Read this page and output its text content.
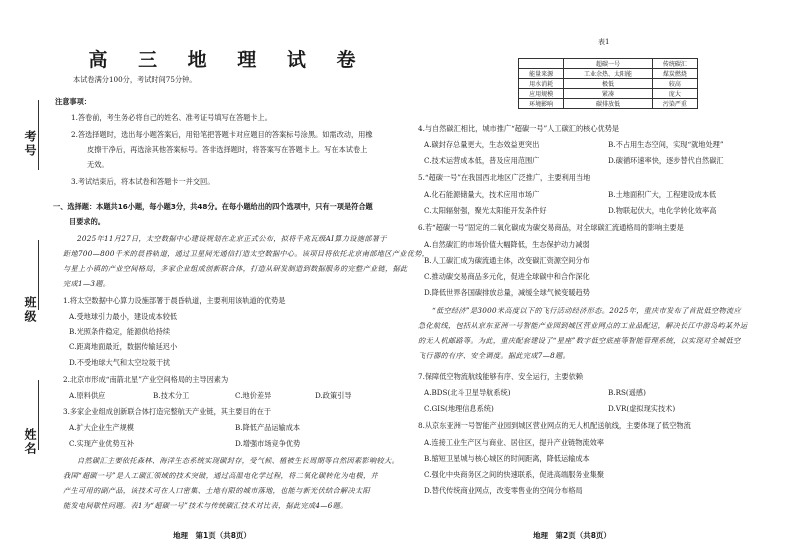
考号
班级
姓名
高 三 地 理 试 卷
本试卷满分100分，考试时间75分钟。
注意事项：
1.答卷前，考生务必将自己的姓名、准考证号填写在答题卡上。
2.答选择题时，选出每小题答案后，用铅笔把答题卡对应题目的答案标号涂黑。如需改动，用橡
皮擦干净后，再选涂其他答案标号。答非选择题时，将答案写在答题卡上。写在本试卷上
无效。
3.考试结束后，将本试卷和答题卡一并交回。
一、选择题：本题共16小题，每小题3分，共48分。在每小题给出的四个选项中，只有一项是符合题
目要求的。
2025年11月27日，太空数据中心建设规划在北京正式公布，拟将千兆瓦级AI算力设施部署于
距地700—800千米的晨昏轨道，通过卫星间光通信打造太空数据中心。该项目将依托北京南部地区产业优势，
与星上小镇的产业空间格局，多家企业组成创新联合体，打造从研发制造到数据服务的完整产业链，据此
完成1—3题。
1.将太空数据中心算力设施部署于晨昏轨道，主要利用该轨道的优势是
A.受地球引力最小，建设成本较低
B.光照条件稳定，能源供给持续
C.距离地面最近，数据传输延迟小
D.不受地球大气和太空垃圾干扰
2.北京市形成“南箭北星”产业空间格局的主导因素为
A.原料供应	B.技术分工	C.地价差异	D.政策引导
3.多家企业组成创新联合体打造完整航天产业链，其主要目的在于
A.扩大企业生产规模	B.降低产品运输成本
C.实现产业优势互补	D.增强市场竞争优势
自然碳汇主要依托森林、海洋生态系统实现碳封存，受气候、植被生长周期等自然因素影响较大。
我国“超碳一号”是人工碳汇领域的技术突破，通过高温电化学过程，将二氧化碳转化为电极，并
产生可用的副产品，该技术可在人口密集、土地有限的城市落地，也能与新光伏结合解决太阳
能发电间歇性问题。表1为“超碳一号”技术与传统碳汇技术对比表，据此完成4—6题。
地理　第1页（共8页）
表1
	超碳一号	传统碳汇
能量来源	工业余热、太阳能	煤炭燃烧
用水消耗	极低	较高
应用规模	紧凑	庞大
环境影响	碳排放低	污染严重
4.与自然碳汇相比，城市推广“超碳一号”人工碳汇的核心优势是
A.碳封存总量更大，生态效益更突出	B.不占用生态空间，实现“就地处理”
C.技术运营成本低，普及应用范围广	D.碳循环速率快，逐步替代自然碳汇
5.“超碳一号”在我国西北地区广泛推广，主要利用当地
A.化石能源储量大，技术应用市场广	B.土地面积广大，工程建设成本低
C.太阳辐射强，聚光太阳能开发条件好	D.物联起伏大，电化学转化效率高
6.若“超碳一号”固定的二氧化碳成为碳交易商品，对全球碳汇流通格局的影响主要是
A.自然碳汇的市场价值大幅降低，生态保护动力减弱
B.人工碳汇成为碳流通主体，改变碳汇资源空间分布
C.推动碳交易商品多元化，促进全球碳中和合作深化
D.降低世界各国碳排放总量，减缓全球气候变暖趋势
“低空经济”是3000米高度以下的飞行活动经济形态。2025年，重庆市发布了首批低空物流应
急化航线，包括从京东亚洲一号智能产业园到城区营业网点的工业品配送，解决长江中游岛屿某外运
的无人机邮路等。为此，重庆配套建设了“星座”数字低空底座等智能管理系统，以实现对全城低空
飞行器的有序、安全调度。据此完成7—8题。
7.保障低空物流航线能够有序、安全运行，主要依赖
A.BDS(北斗卫星导航系统)	B.RS(遥感)
C.GIS(地理信息系统)	D.VR(虚拟现实技术)
8.从京东亚洲一号智能产业园到城区营业网点的无人机配送航线，主要体现了低空物流
A.连接工业生产区与商业、居住区，提升产业链物流效率
B.缩短卫星城与核心城区的时间距离，降低运输成本
C.强化中央商务区之间的快速联系，促进高端服务业集聚
D.替代传统商业网点，改变零售业的空间分布格局
地理　第2页（共8页）
